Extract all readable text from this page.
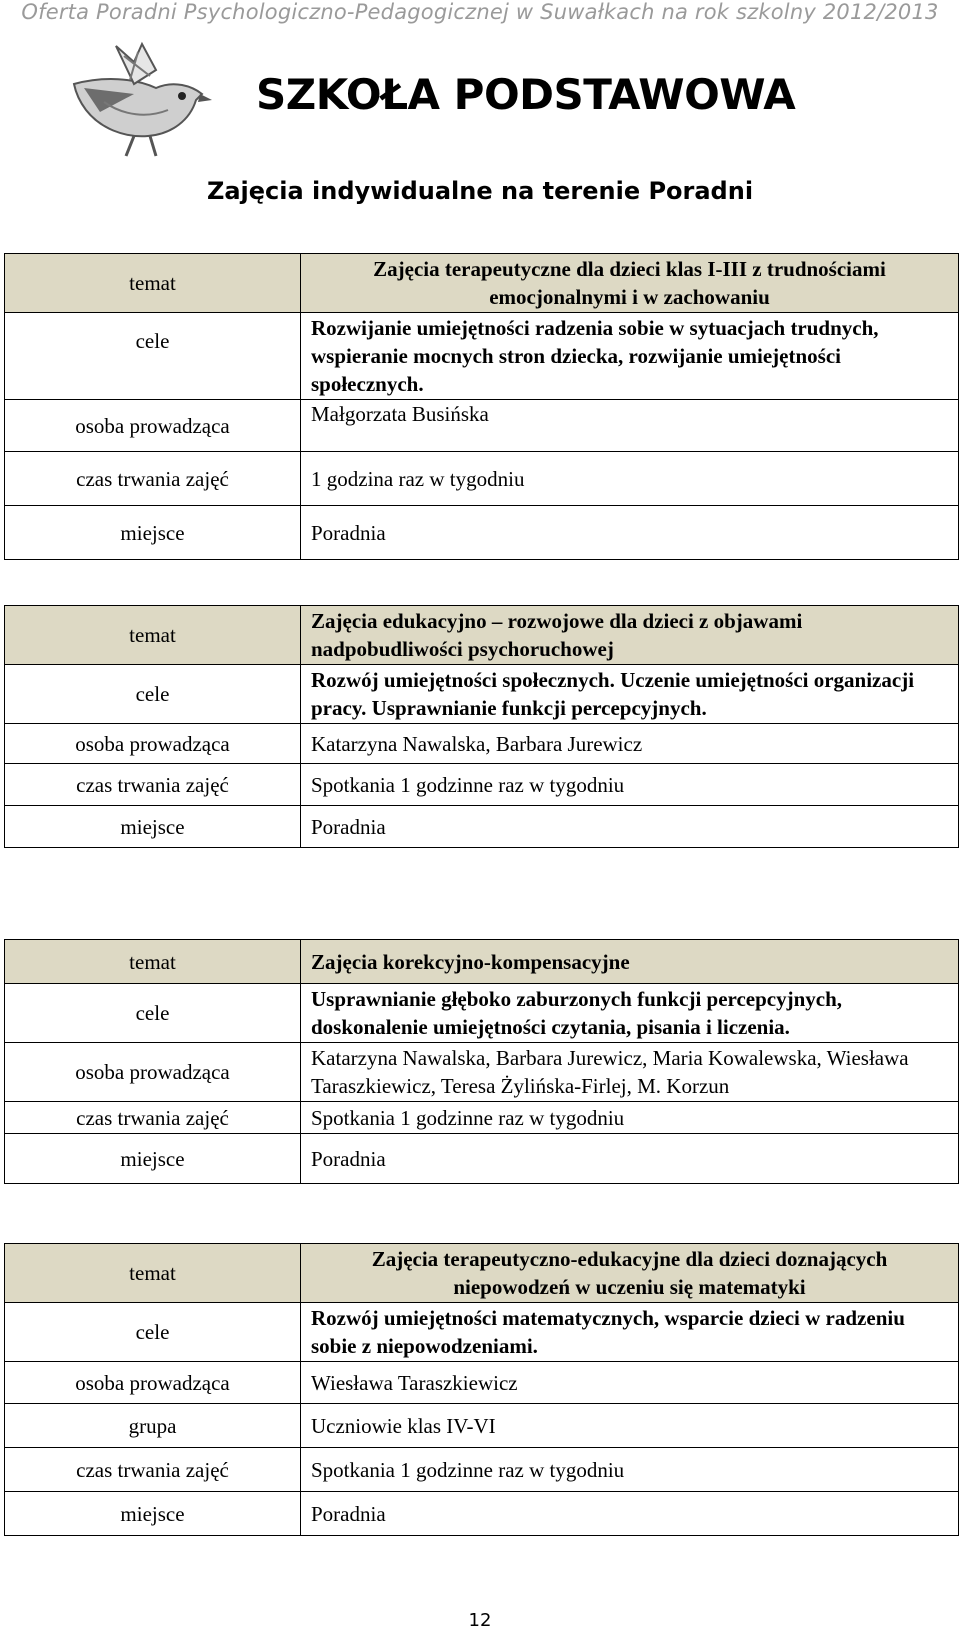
Oferta Poradni Psychologiczno-Pedagogicznej w Suwałkach na rok szkolny 2012/2013
SZKOŁA PODSTAWOWA
Zajęcia indywidualne na terenie Poradni
temat	Zajęcia terapeutyczne dla dzieci klas I-III z trudnościami emocjonalnymi i w zachowaniu
cele	Rozwijanie umiejętności radzenia sobie w sytuacjach trudnych, wspieranie mocnych stron dziecka, rozwijanie umiejętności społecznych.
osoba prowadząca	Małgorzata Busińska
czas trwania zajęć	1 godzina raz w tygodniu
miejsce	Poradnia
temat	Zajęcia edukacyjno – rozwojowe dla dzieci z objawami nadpobudliwości psychoruchowej
cele	Rozwój umiejętności społecznych. Uczenie umiejętności organizacji pracy. Usprawnianie funkcji percepcyjnych.
osoba prowadząca	Katarzyna Nawalska, Barbara Jurewicz
czas trwania zajęć	Spotkania 1 godzinne raz w tygodniu
miejsce	Poradnia
temat	Zajęcia korekcyjno-kompensacyjne
cele	Usprawnianie głęboko zaburzonych funkcji percepcyjnych, doskonalenie umiejętności czytania, pisania i liczenia.
osoba prowadząca	Katarzyna Nawalska, Barbara Jurewicz, Maria Kowalewska, Wiesława Taraszkiewicz, Teresa Żylińska-Firlej, M. Korzun
czas trwania zajęć	Spotkania 1 godzinne raz w tygodniu
miejsce	Poradnia
temat	Zajęcia terapeutyczno-edukacyjne dla dzieci doznających niepowodzeń w uczeniu się matematyki
cele	Rozwój umiejętności matematycznych, wsparcie dzieci w radzeniu sobie z niepowodzeniami.
osoba prowadząca	Wiesława Taraszkiewicz
grupa	Uczniowie klas IV-VI
czas trwania zajęć	Spotkania 1 godzinne raz w tygodniu
miejsce	Poradnia
12
